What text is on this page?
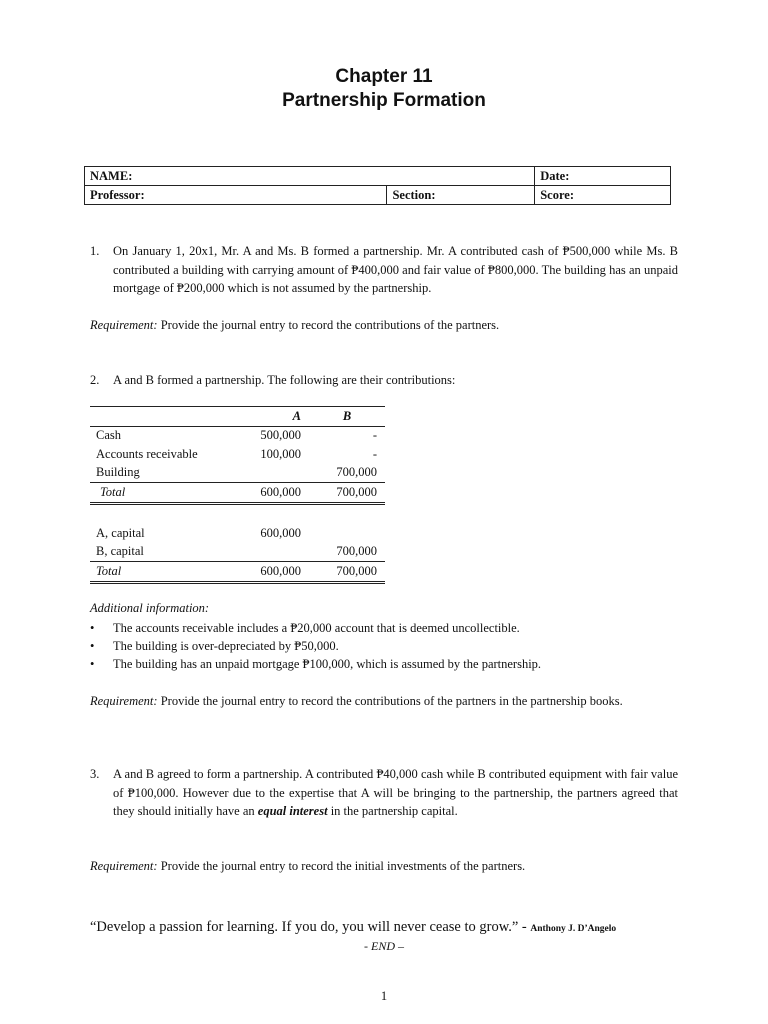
Chapter 11
Partnership Formation
NAME:		Date:
Professor:	Section:	Score:
1. On January 1, 20x1, Mr. A and Ms. B formed a partnership. Mr. A contributed cash of ₱500,000 while Ms. B contributed a building with carrying amount of ₱400,000 and fair value of ₱800,000. The building has an unpaid mortgage of ₱200,000 which is not assumed by the partnership.
Requirement: Provide the journal entry to record the contributions of the partners.
2. A and B formed a partnership. The following are their contributions:
	A	B
Cash	500,000	-
Accounts receivable	100,000	-
Building		700,000
Total	600,000	700,000
A, capital	600,000	
B, capital		700,000
Total	600,000	700,000
Additional information:
• The accounts receivable includes a ₱20,000 account that is deemed uncollectible.
• The building is over-depreciated by ₱50,000.
• The building has an unpaid mortgage ₱100,000, which is assumed by the partnership.
Requirement: Provide the journal entry to record the contributions of the partners in the partnership books.
3. A and B agreed to form a partnership. A contributed ₱40,000 cash while B contributed equipment with fair value of ₱100,000. However due to the expertise that A will be bringing to the partnership, the partners agreed that they should initially have an equal interest in the partnership capital.
Requirement: Provide the journal entry to record the initial investments of the partners.
“Develop a passion for learning. If you do, you will never cease to grow.” - Anthony J. D’Angelo
- END –
1
